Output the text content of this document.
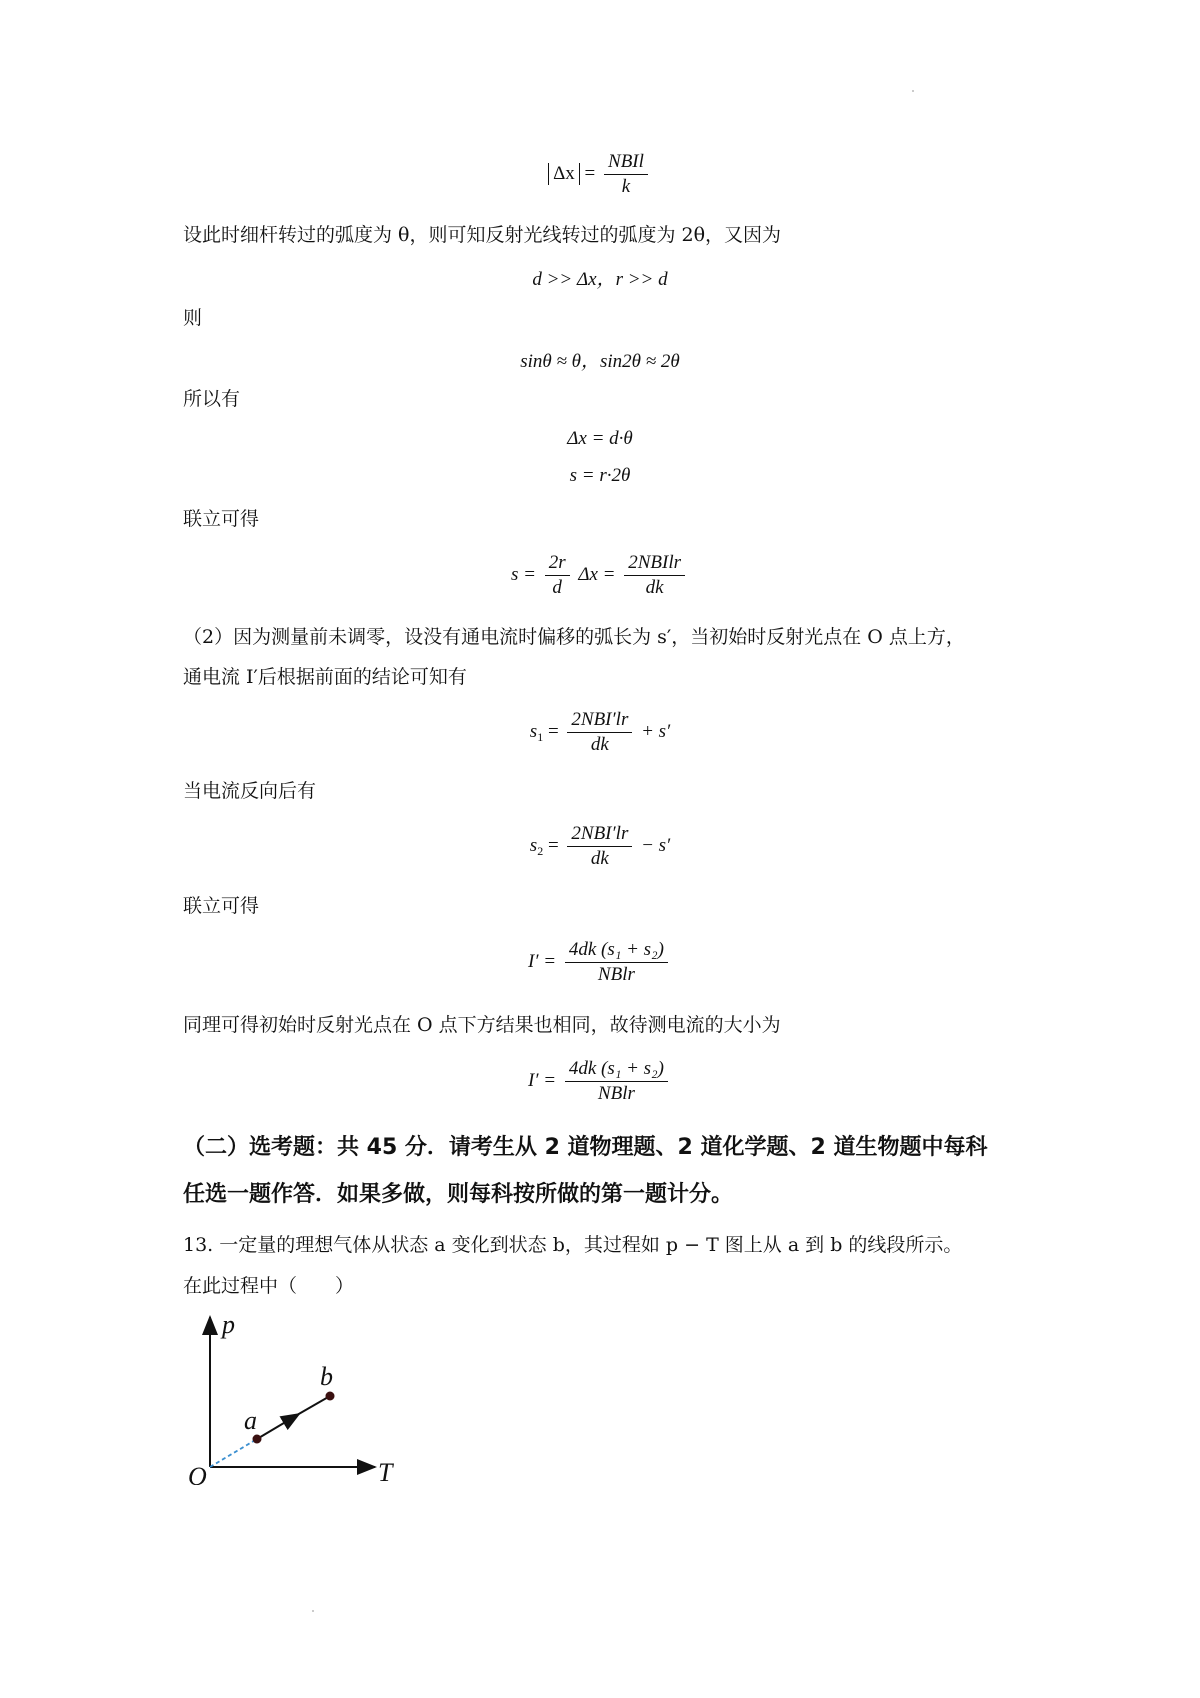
$\Delta x = \frac{\text{NBIl}}{k}$
设此时细杆转过的弧度为 θ，则可知反射光线转过的弧度为 2θ，又因为
d >> Δx，r >> d
则
sinθ ≈ θ，sin2θ ≈ 2θ
所以有
Δx = d·θ
s = r·2θ
联立可得
$s = \frac{2r}{d}$ $\Delta x = \frac{\text{2NBIlr}}{dk}$
（2）因为测量前未调零，设没有通电流时偏移的弧长为 s′，当初始时反射光点在 O 点上方，
通电流 I′后根据前面的结论可知有
$s_1 = \frac{\text{2NBI′lr}}{dk} + s'$
当电流反向后有
$s_2 = \frac{\text{2NBI′lr}}{dk} - s'$
联立可得
$I' = \frac{\text{4dk (s₁ + s₂)}}{\text{NBlr}}$
同理可得初始时反射光点在 O 点下方结果也相同，故待测电流的大小为
$I' = \frac{\text{4dk (s₁ + s₂)}}{\text{NBlr}}$
（二）选考题：共 45 分．请考生从 2 道物理题、2 道化学题、2 道生物题中每科
任选一题作答．如果多做，则每科按所做的第一题计分。
13. 一定量的理想气体从状态 a 变化到状态 b，其过程如 p − T 图上从 a 到 b 的线段所示。
在此过程中（　　）
p
T
O
a
b
